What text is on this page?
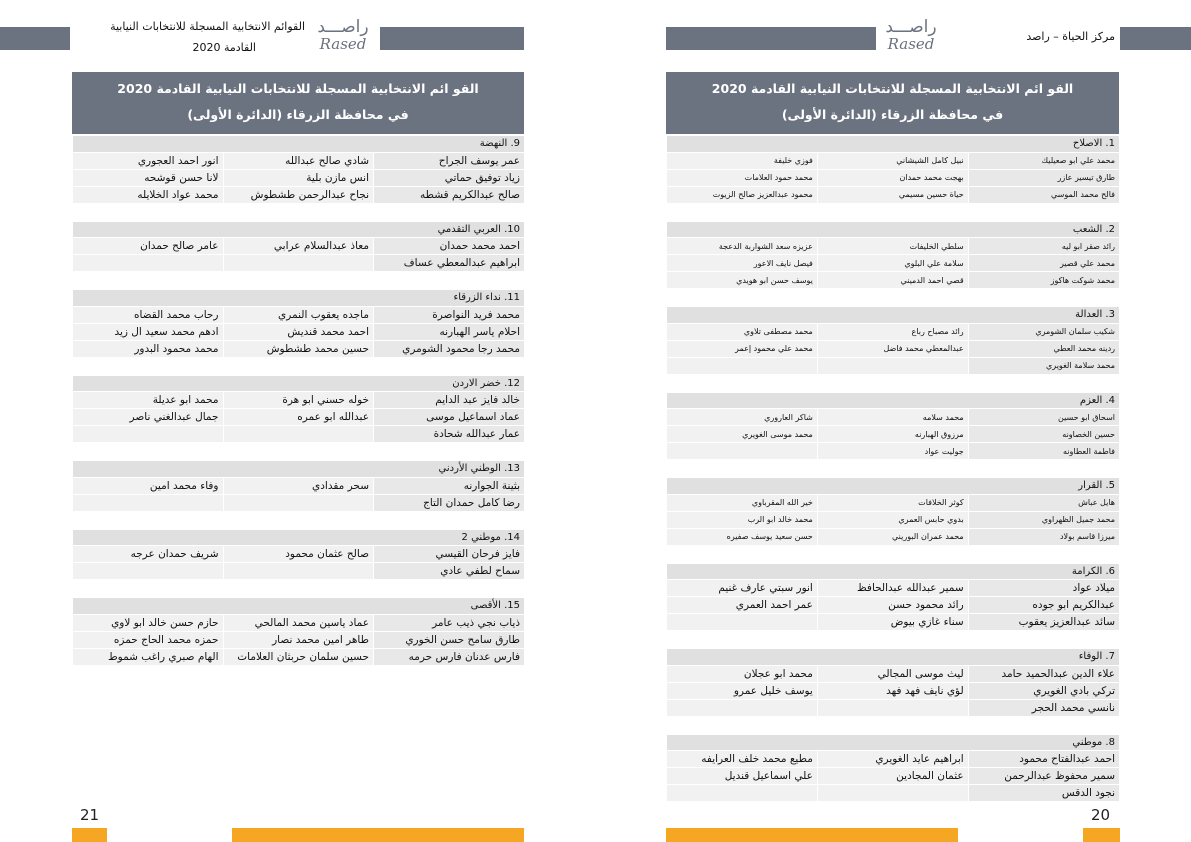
القوائم الانتخابية المسجلة للانتخابات النيابية
القادمة 2020
راصـــد
Rased
راصـــد
Rased	مركز الحياة – راصد
القو ائم الانتخابية المسجلة للانتخابات النيابية القادمة 2020
في محافظة الزرقاء (الدائرة الأولى)
9. النهضة		
عمر يوسف الجراح	شادي صالح عبدالله	انور احمد العجوري
زياد توفيق حماتي	انس مازن بلية	لانا حسن قوشحه
صالح عبدالكريم قشطه	نجاح عبدالرحمن طشطوش	محمد عواد الخلايله
10. العربي التقدمي		
احمد محمد حمدان	معاذ عبدالسلام عرابي	عامر صالح حمدان
ابراهيم عبدالمعطي عساف		
11. نداء الزرقاء		
محمد فريد النواصرة	ماجده يعقوب النمري	رحاب محمد القضاه
احلام ياسر الهبارنه	احمد محمد قنديش	ادهم محمد سعيد ال زيد
محمد رجا محمود الشومري	حسين محمد طشطوش	محمد محمود البدور
12. خضر الاردن		
خالد فايز عبد الدايم	خوله حسني ابو هرة	محمد ابو عديلة
عماد اسماعيل موسى	عبدالله ابو عمره	جمال عبدالغني ناصر
عمار عبدالله شحادة		
13. الوطني الأردني		
بثينة الجوارنه	سحر مقدادي	وفاء محمد امين
رضا كامل حمدان التاج		
14. موطني 2		
فايز فرحان القيسي	صالح عثمان محمود	شريف حمدان عرجه
سماح لطفي عادي		
15. الأقصى		
ذياب نجي ذيب عامر	عماد ياسين محمد المالحي	حازم حسن خالد ابو لاوي
طارق سامح حسن الخوري	طاهر امين محمد نصار	حمزه محمد الحاج حمزه
فارس عدنان فارس حرمه	حسين سلمان حربثان العلامات	الهام صبري راغب شموط
القو ائم الانتخابية المسجلة للانتخابات النيابية القادمة 2020
في محافظة الزرقاء (الدائرة الأولى)
1. الاصلاح		
محمد علي ابو صعيليك	نبيل كامل الشيشاني	فوزي خليفة
طارق تيسير عازر	بهجت محمد حمدان	محمد حمود العلامات
فالح محمد الموسي	حياة حسين مسيمي	محمود عبدالعزيز صالح الزيوت
2. الشعب		
رائد صقر ابو ليه	سلطي الخليفات	عزيزه سعد الشواربة الدعجة
محمد علي قصير	سلامة علي البلوي	فيصل نايف الاعور
محمد شوكت هاكوز	قصي احمد الدميني	يوسف حسن ابو هويدي
3. العدالة		
شكيب سلمان الشومري	رائد مصباح رباع	محمد مصطفى تلاوي
ردينه محمد العطي	عبدالمعطي محمد فاضل	محمد علي محمود إعمر
محمد سلامة الغويري		
4. العزم		
اسحاق ابو حسين	محمد سلامه	شاكر العاروري
حسين الخصاونه	مرزوق الهبارنه	محمد موسى الغويري
فاطمة العطاونه	جوليت عواد	
5. القرار		
هايل عباش	كوثر الخلافات	خير الله المقرباوي
محمد جميل الظهراوي	بدوي حابس العمري	محمد خالد ابو الرب
ميرزا قاسم بولاد	محمد عمران البوريني	حسن سعيد يوسف صفيره
6. الكرامة		
ميلاد عواد	سمير عبدالله عبدالحافظ	انور سبتي عارف غنيم
عبدالكريم ابو جوده	رائد محمود حسن	عمر احمد العمري
سائد عبدالعزيز يعقوب	سناء غازي بيوض	
7. الوفاء		
علاء الدين عبدالحميد حامد	ليث موسى المجالي	محمد ابو عجلان
تركي بادي الغويري	لؤي نايف فهد فهد	يوسف خليل عمرو
نانسي محمد الحجر		
8. موطني		
احمد عبدالفتاح محمود	ابراهيم عايد الغويري	مطيع محمد خلف العرايفه
سمير محفوظ عبدالرحمن	عثمان المجادين	علي اسماعيل قنديل
نجود الدقس		
21	20
